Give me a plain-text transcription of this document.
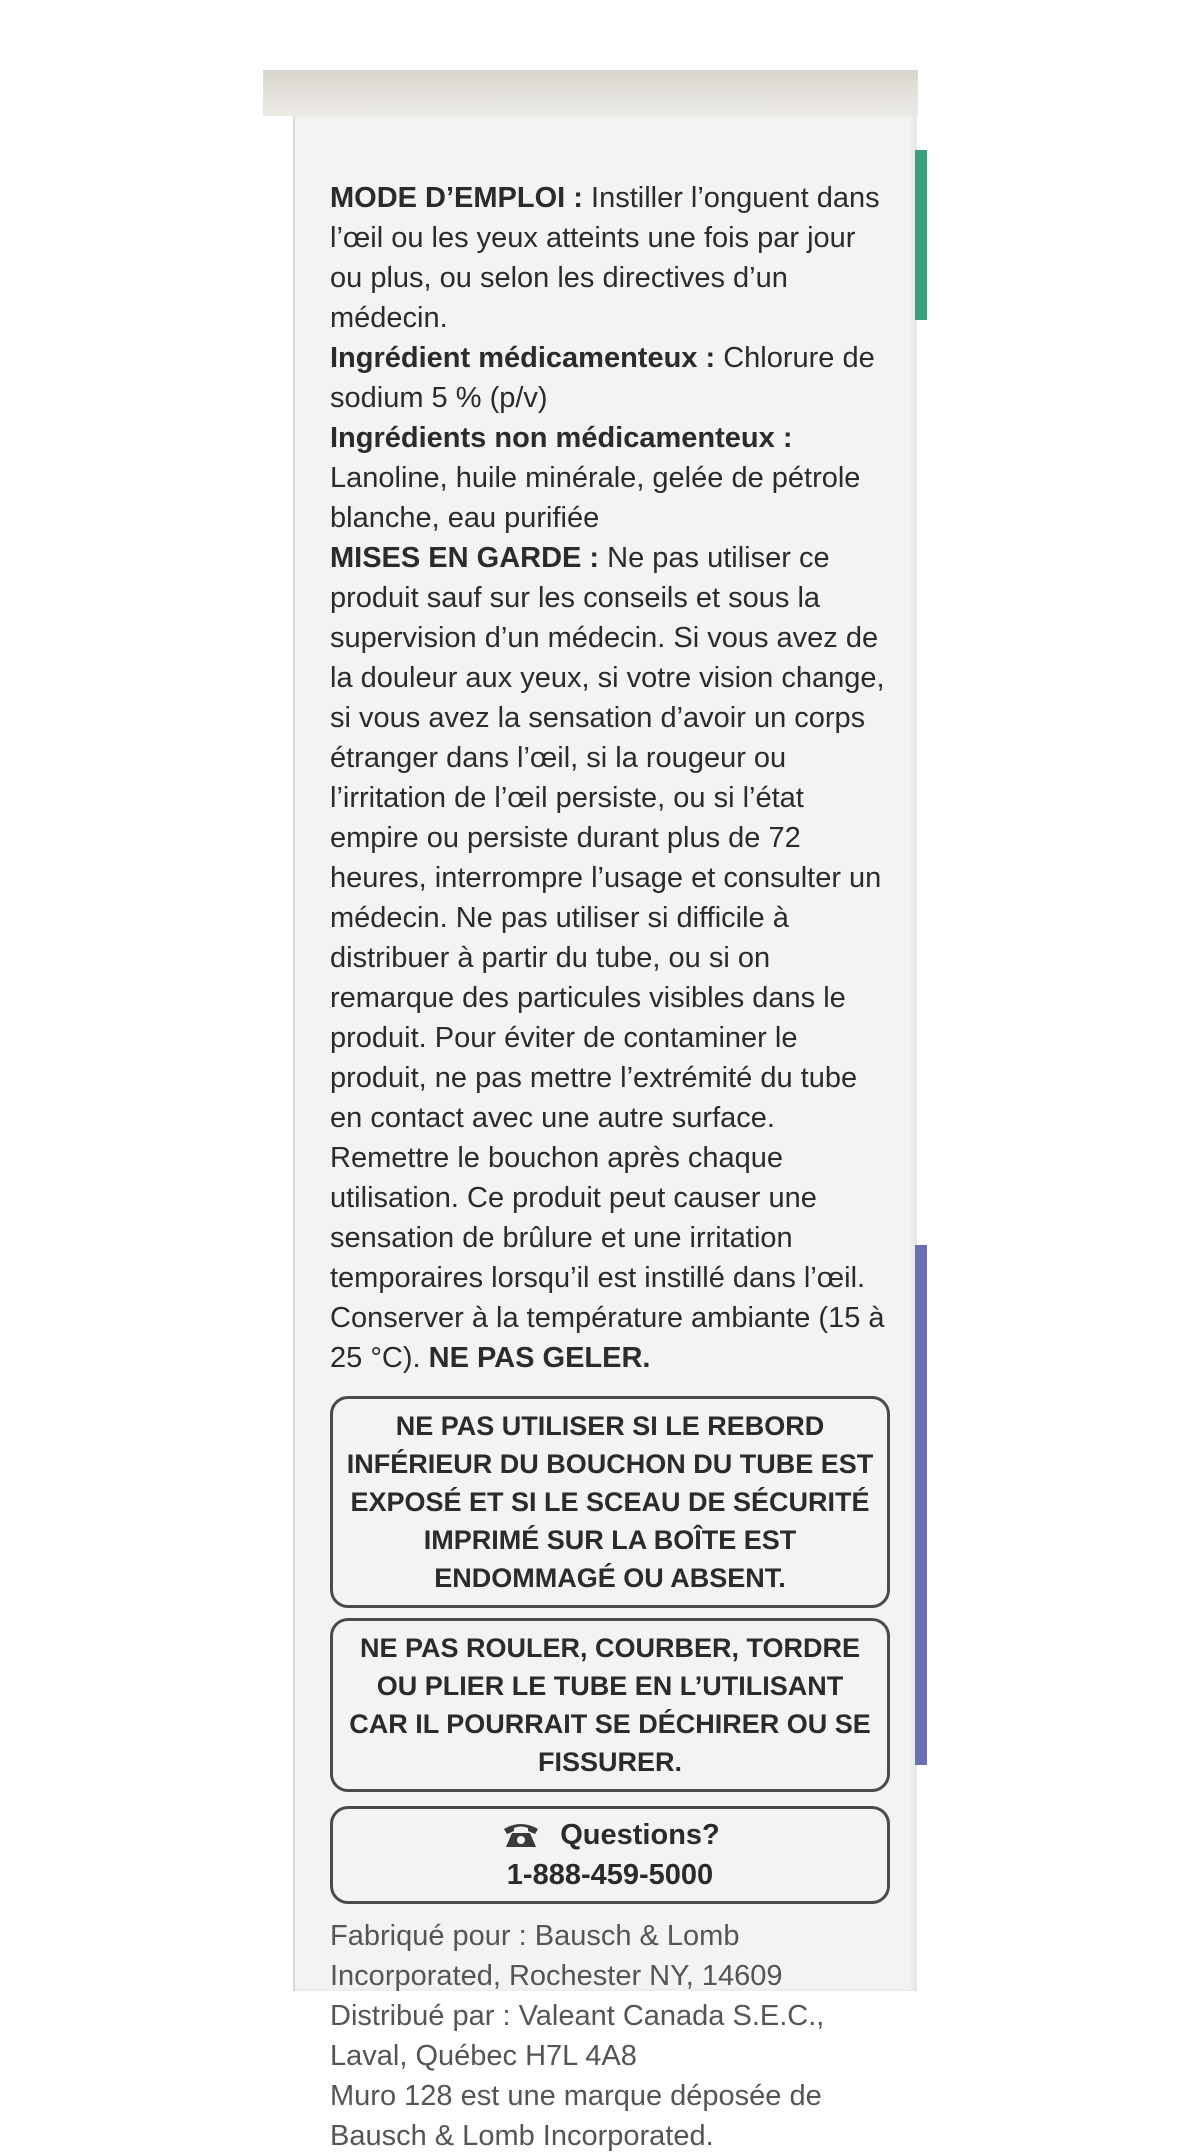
MODE D’EMPLOI : Instiller l’onguent dans l’œil ou les yeux atteints une fois par jour ou plus, ou selon les directives d’un médecin.

Ingrédient médicamenteux : Chlorure de sodium 5 % (p/v)

Ingrédients non médicamenteux :
Lanoline, huile minérale, gelée de pétrole blanche, eau purifiée

MISES EN GARDE : Ne pas utiliser ce produit sauf sur les conseils et sous la supervision d’un médecin. Si vous avez de la douleur aux yeux, si votre vision change, si vous avez la sensation d’avoir un corps étranger dans l’œil, si la rougeur ou l’irritation de l’œil persiste, ou si l’état empire ou persiste durant plus de 72 heures, interrompre l’usage et consulter un médecin. Ne pas utiliser si difficile à distribuer à partir du tube, ou si on remarque des particules visibles dans le produit. Pour éviter de contaminer le produit, ne pas mettre l’extrémité du tube en contact avec une autre surface. Remettre le bouchon après chaque utilisation. Ce produit peut causer une sensation de brûlure et une irritation temporaires lorsqu’il est instillé dans l’œil. Conserver à la température ambiante (15 à 25 °C). NE PAS GELER.

NE PAS UTILISER SI LE REBORD INFÉRIEUR DU BOUCHON DU TUBE EST EXPOSÉ ET SI LE SCEAU DE SÉCURITÉ IMPRIMÉ SUR LA BOÎTE EST ENDOMMAGÉ OU ABSENT.
NE PAS ROULER, COURBER, TORDRE OU PLIER LE TUBE EN L’UTILISANT CAR IL POURRAIT SE DÉCHIRER OU SE FISSURER.
Questions?
1-888-459-5000
Fabriqué pour : Bausch & Lomb
Incorporated, Rochester NY, 14609
Distribué par : Valeant Canada S.E.C.,
Laval, Québec H7L 4A8
Muro 128 est une marque déposée de
Bausch & Lomb Incorporated.
